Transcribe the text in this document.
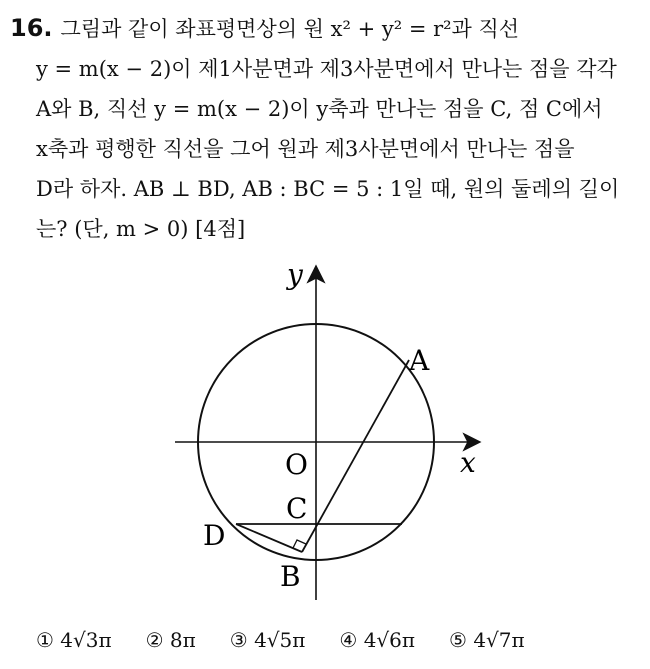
16. 그림과 같이 좌표평면상의 원 x² + y² = r²과 직선
y = m(x − 2)이 제1사분면과 제3사분면에서 만나는 점을 각각
A와 B, 직선 y = m(x − 2)이 y축과 만나는 점을 C, 점 C에서
x축과 평행한 직선을 그어 원과 제3사분면에서 만나는 점을
D라 하자. AB ⊥ BD, AB : BC = 5 : 1일 때, 원의 둘레의 길이
는? (단, m > 0) [4점]
y
x
A
O
C
D
B
① 4√3π ② 8π ③ 4√5π ④ 4√6π ⑤ 4√7π
